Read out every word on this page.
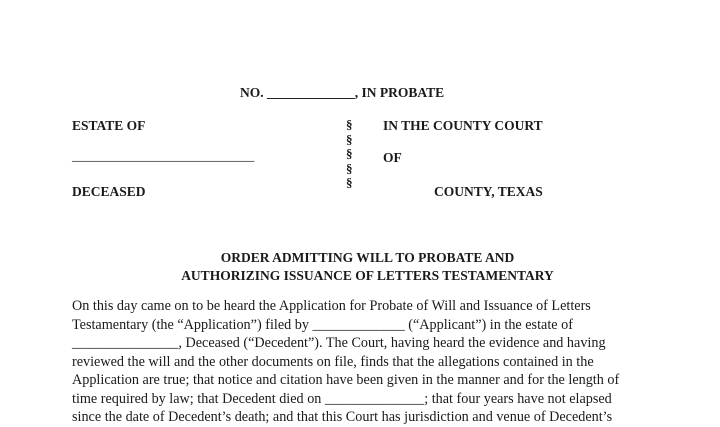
NO. _____________, IN PROBATE
ESTATE OF
___________________________
DECEASED
§
§
§
§
§
IN THE COUNTY COURT
OF
COUNTY, TEXAS
ORDER ADMITTING WILL TO PROBATE AND
AUTHORIZING ISSUANCE OF LETTERS TESTAMENTARY
On this day came on to be heard the Application for Probate of Will and Issuance of Letters
Testamentary (the “Application”) filed by _____________ (“Applicant”) in the estate of
_______________, Deceased (“Decedent”). The Court, having heard the evidence and having
reviewed the will and the other documents on file, finds that the allegations contained in the
Application are true; that notice and citation have been given in the manner and for the length of
time required by law; that Decedent died on ______________; that four years have not elapsed
since the date of Decedent’s death; and that this Court has jurisdiction and venue of Decedent’s
